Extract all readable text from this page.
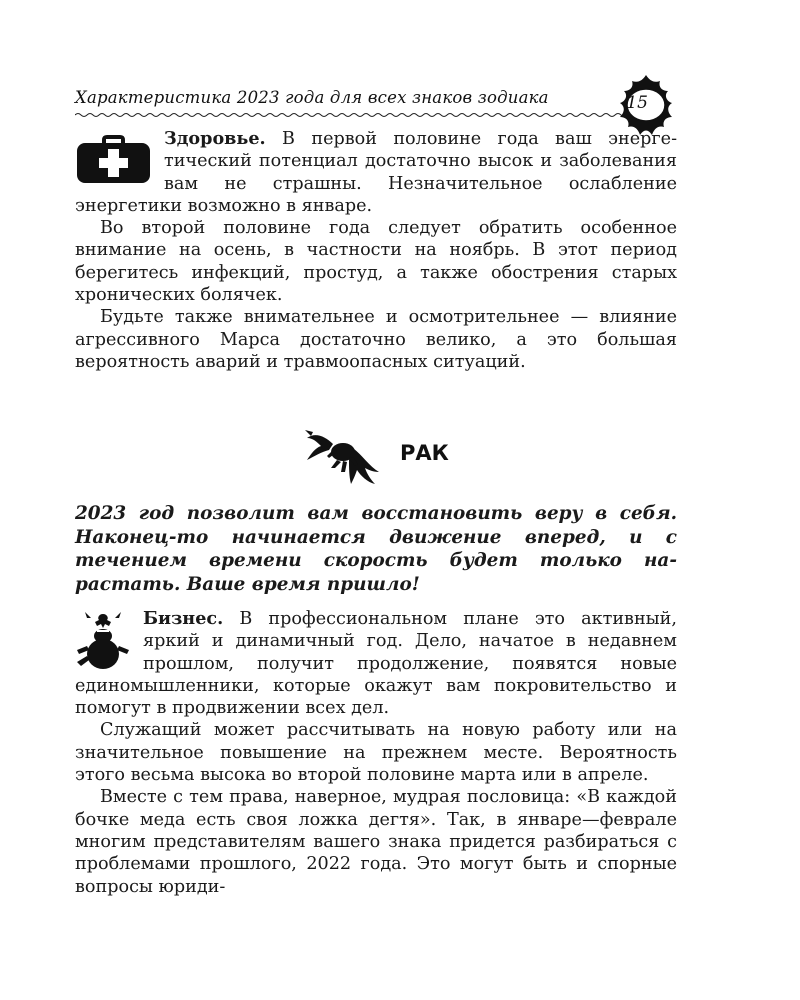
Характеристика 2023 года для всех знаков зодиака	15

Здоровье. В первой половине года ваш энергетический потенциал достаточно высок и заболевания вам не страшны. Незначительное ослабление энергетики возможно в январе.

Во второй половине года следует обратить особенное внимание на осень, в частности на ноябрь. В этот период берегитесь инфекций, простуд, а также обострения старых хронических болячек.

Будьте также внимательнее и осмотрительнее — влияние агрессивного Марса достаточно велико, а это большая вероятность аварий и травмоопасных ситуаций.

РАК

2023 год позволит вам восстановить веру в себя. Наконец-то начинается движение вперед, и с течением времени скорость будет только нарастать. Ваше время пришло!

Бизнес. В профессиональном плане это активный, яркий и динамичный год. Дело, начатое в недавнем прошлом, получит продолжение, появятся новые единомышленники, которые окажут вам покровительство и помогут в продвижении всех дел.

Служащий может рассчитывать на новую работу или на значительное повышение на прежнем месте. Вероятность этого весьма высока во второй половине марта или в апреле.

Вместе с тем права, наверное, мудрая пословица: «В каждой бочке меда есть своя ложка дегтя». Так, в январе—феврале многим представителям вашего знака придется разбираться с проблемами прошлого, 2022 года. Это могут быть и спорные вопросы юриди-
